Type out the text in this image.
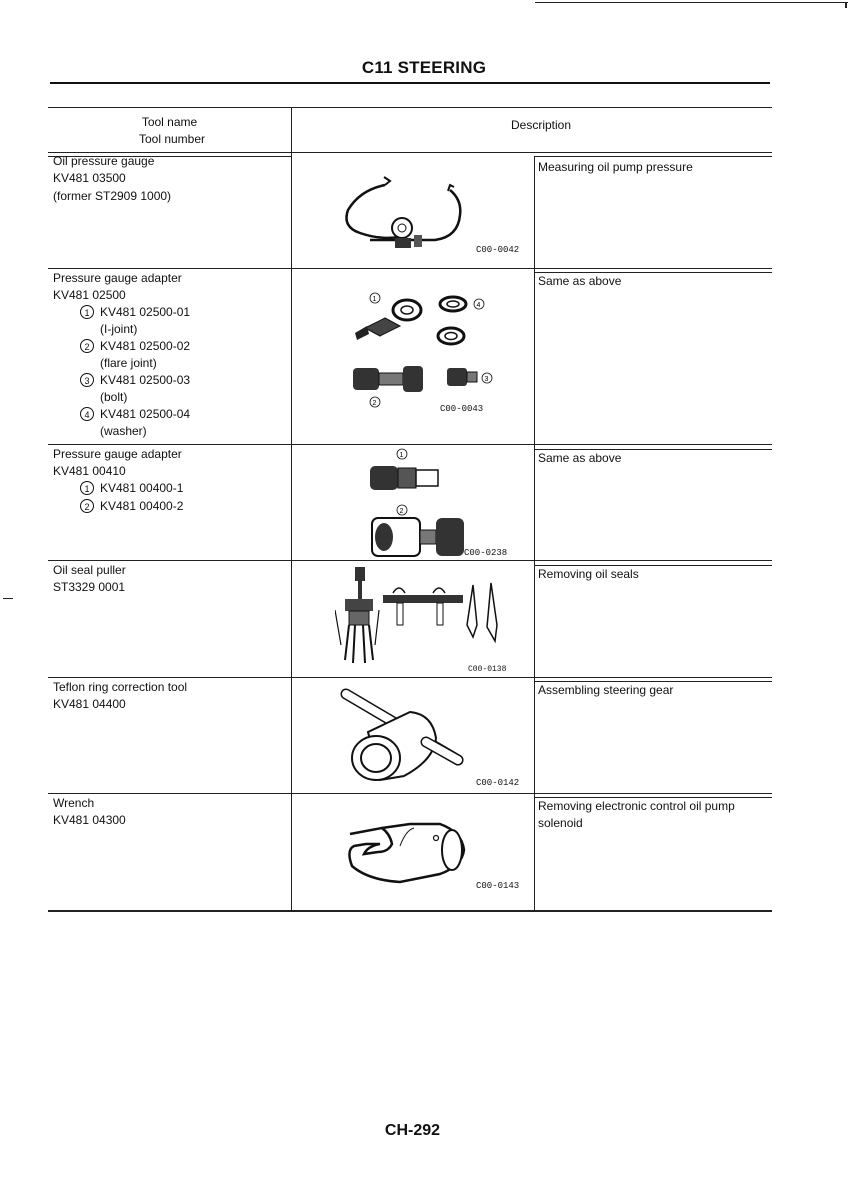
C11 STEERING
Tool name
Tool number
Description
Oil pressure gauge
KV481 03500
(former ST2909 1000)
Measuring oil pump pressure
C00-0042
Pressure gauge adapter
KV481 02500
1 KV481 02500-01
(I-joint)
2 KV481 02500-02
(flare joint)
3 KV481 02500-03
(bolt)
4 KV481 02500-04
(washer)
Same as above
1
4
3
2
C00-0043
Pressure gauge adapter
KV481 00410
1 KV481 00400-1
2 KV481 00400-2
Same as above
1
2
C00-0238
Oil seal puller
ST3329 0001
Removing oil seals
C00-0138
Teflon ring correction tool
KV481 04400
Assembling steering gear
C00-0142
Wrench
KV481 04300
Removing electronic control oil pump
solenoid
C00-0143
CH-292
